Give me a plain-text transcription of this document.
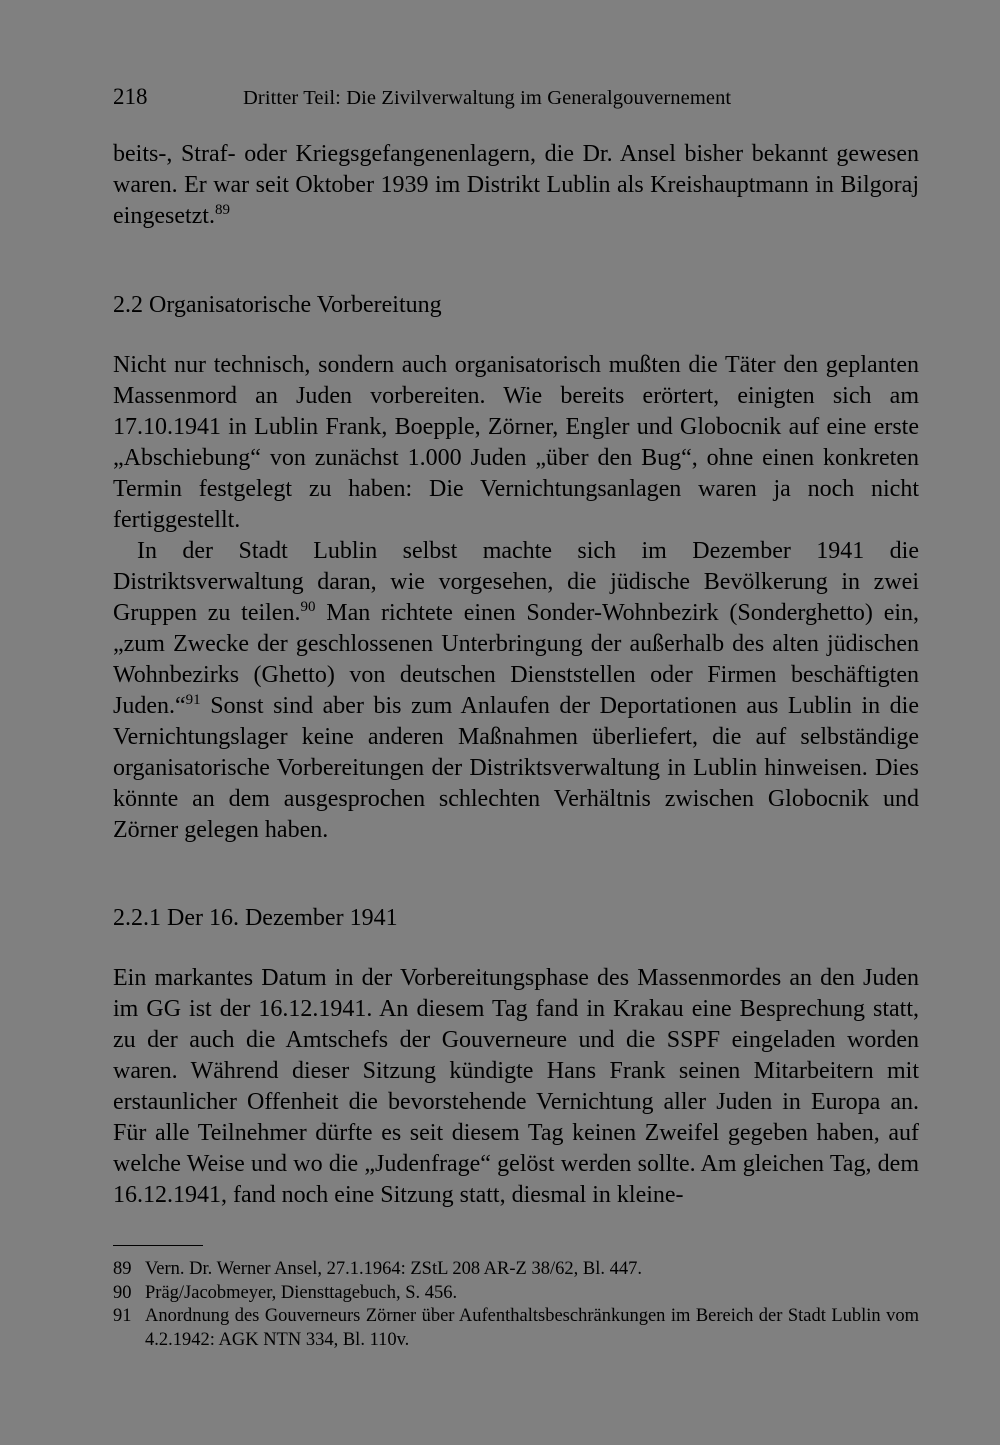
218	Dritter Teil: Die Zivilverwaltung im Generalgouvernement

beits-, Straf- oder Kriegsgefangenenlagern, die Dr. Ansel bisher bekannt gewesen waren. Er war seit Oktober 1939 im Distrikt Lublin als Kreishauptmann in Bilgoraj eingesetzt.$^{89}$

2.2 Organisatorische Vorbereitung

Nicht nur technisch, sondern auch organisatorisch mußten die Täter den geplanten Massenmord an Juden vorbereiten. Wie bereits erörtert, einigten sich am 17.10.1941 in Lublin Frank, Boepple, Zörner, Engler und Globocnik auf eine erste „Abschiebung“ von zunächst 1.000 Juden „über den Bug“, ohne einen konkreten Termin festgelegt zu haben: Die Vernichtungsanlagen waren ja noch nicht fertiggestellt.

In der Stadt Lublin selbst machte sich im Dezember 1941 die Distriktsverwaltung daran, wie vorgesehen, die jüdische Bevölkerung in zwei Gruppen zu teilen.$^{90}$ Man richtete einen Sonder-Wohnbezirk (Sonderghetto) ein, „zum Zwecke der geschlossenen Unterbringung der außerhalb des alten jüdischen Wohnbezirks (Ghetto) von deutschen Dienststellen oder Firmen beschäftigten Juden.“$^{91}$ Sonst sind aber bis zum Anlaufen der Deportationen aus Lublin in die Vernichtungslager keine anderen Maßnahmen überliefert, die auf selbständige organisatorische Vorbereitungen der Distriktsverwaltung in Lublin hinweisen. Dies könnte an dem ausgesprochen schlechten Verhältnis zwischen Globocnik und Zörner gelegen haben.

2.2.1 Der 16. Dezember 1941

Ein markantes Datum in der Vorbereitungsphase des Massenmordes an den Juden im GG ist der 16.12.1941. An diesem Tag fand in Krakau eine Besprechung statt, zu der auch die Amtschefs der Gouverneure und die SSPF eingeladen worden waren. Während dieser Sitzung kündigte Hans Frank seinen Mitarbeitern mit erstaunlicher Offenheit die bevorstehende Vernichtung aller Juden in Europa an. Für alle Teilnehmer dürfte es seit diesem Tag keinen Zweifel gegeben haben, auf welche Weise und wo die „Judenfrage“ gelöst werden sollte. Am gleichen Tag, dem 16.12.1941, fand noch eine Sitzung statt, diesmal in kleine-

89 Vern. Dr. Werner Ansel, 27.1.1964: ZStL 208 AR-Z 38/62, Bl. 447.
90 Präg/Jacobmeyer, Diensttagebuch, S. 456.
91 Anordnung des Gouverneurs Zörner über Aufenthaltsbeschränkungen im Bereich der Stadt Lublin vom 4.2.1942: AGK NTN 334, Bl. 110v.
